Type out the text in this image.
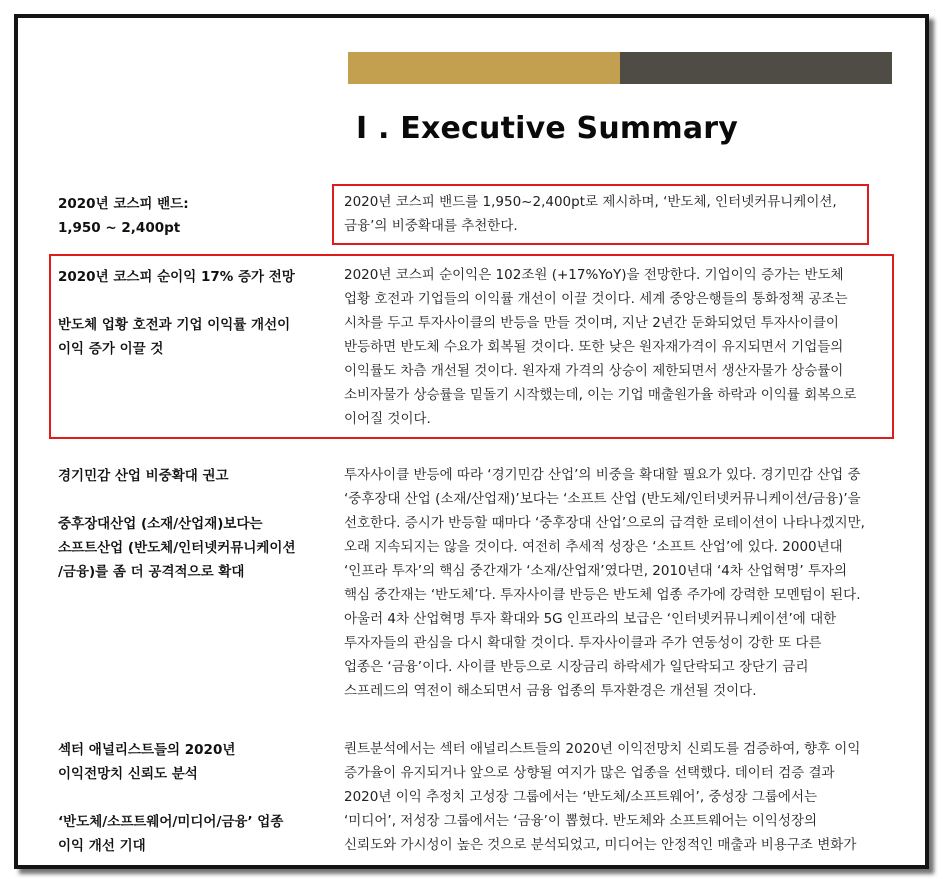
I . Executive Summary
2020년 코스피 밴드:
1,950 ~ 2,400pt
2020년 코스피 밴드를 1,950~2,400pt로 제시하며, ‘반도체, 인터넷커뮤니케이션,
금융’의 비중확대를 추천한다.
2020년 코스피 순이익 17% 증가 전망
반도체 업황 호전과 기업 이익률 개선이
이익 증가 이끌 것
2020년 코스피 순이익은 102조원 (+17%YoY)을 전망한다. 기업이익 증가는 반도체
업황 호전과 기업들의 이익률 개선이 이끌 것이다. 세계 중앙은행들의 통화정책 공조는
시차를 두고 투자사이클의 반등을 만들 것이며, 지난 2년간 둔화되었던 투자사이클이
반등하면 반도체 수요가 회복될 것이다. 또한 낮은 원자재가격이 유지되면서 기업들의
이익률도 차츰 개선될 것이다. 원자재 가격의 상승이 제한되면서 생산자물가 상승률이
소비자물가 상승률을 밑돌기 시작했는데, 이는 기업 매출원가율 하락과 이익률 회복으로
이어질 것이다.
경기민감 산업 비중확대 권고
중후장대산업 (소재/산업재)보다는
소프트산업 (반도체/인터넷커뮤니케이션
/금융)를 좀 더 공격적으로 확대
투자사이클 반등에 따라 ‘경기민감 산업’의 비중을 확대할 필요가 있다. 경기민감 산업 중
‘중후장대 산업 (소재/산업재)’보다는 ‘소프트 산업 (반도체/인터넷커뮤니케이션/금융)’을
선호한다. 증시가 반등할 때마다 ‘중후장대 산업’으로의 급격한 로테이션이 나타나겠지만,
오래 지속되지는 않을 것이다. 여전히 추세적 성장은 ‘소프트 산업’에 있다. 2000년대
‘인프라 투자’의 핵심 중간재가 ‘소재/산업재’였다면, 2010년대 ‘4차 산업혁명’ 투자의
핵심 중간재는 ‘반도체’다. 투자사이클 반등은 반도체 업종 주가에 강력한 모멘텀이 된다.
아울러 4차 산업혁명 투자 확대와 5G 인프라의 보급은 ‘인터넷커뮤니케이션’에 대한
투자자들의 관심을 다시 확대할 것이다. 투자사이클과 주가 연동성이 강한 또 다른
업종은 ‘금융’이다. 사이클 반등으로 시장금리 하락세가 일단락되고 장단기 금리
스프레드의 역전이 해소되면서 금융 업종의 투자환경은 개선될 것이다.
섹터 애널리스트들의 2020년
이익전망치 신뢰도 분석
‘반도체/소프트웨어/미디어/금융’ 업종
이익 개선 기대
퀀트분석에서는 섹터 애널리스트들의 2020년 이익전망치 신뢰도를 검증하여, 향후 이익
증가율이 유지되거나 앞으로 상향될 여지가 많은 업종을 선택했다. 데이터 검증 결과
2020년 이익 추정치 고성장 그룹에서는 ‘반도체/소프트웨어’, 중성장 그룹에서는
‘미디어’, 저성장 그룹에서는 ‘금융’이 뽑혔다. 반도체와 소프트웨어는 이익성장의
신뢰도와 가시성이 높은 것으로 분석되었고, 미디어는 안정적인 매출과 비용구조 변화가
